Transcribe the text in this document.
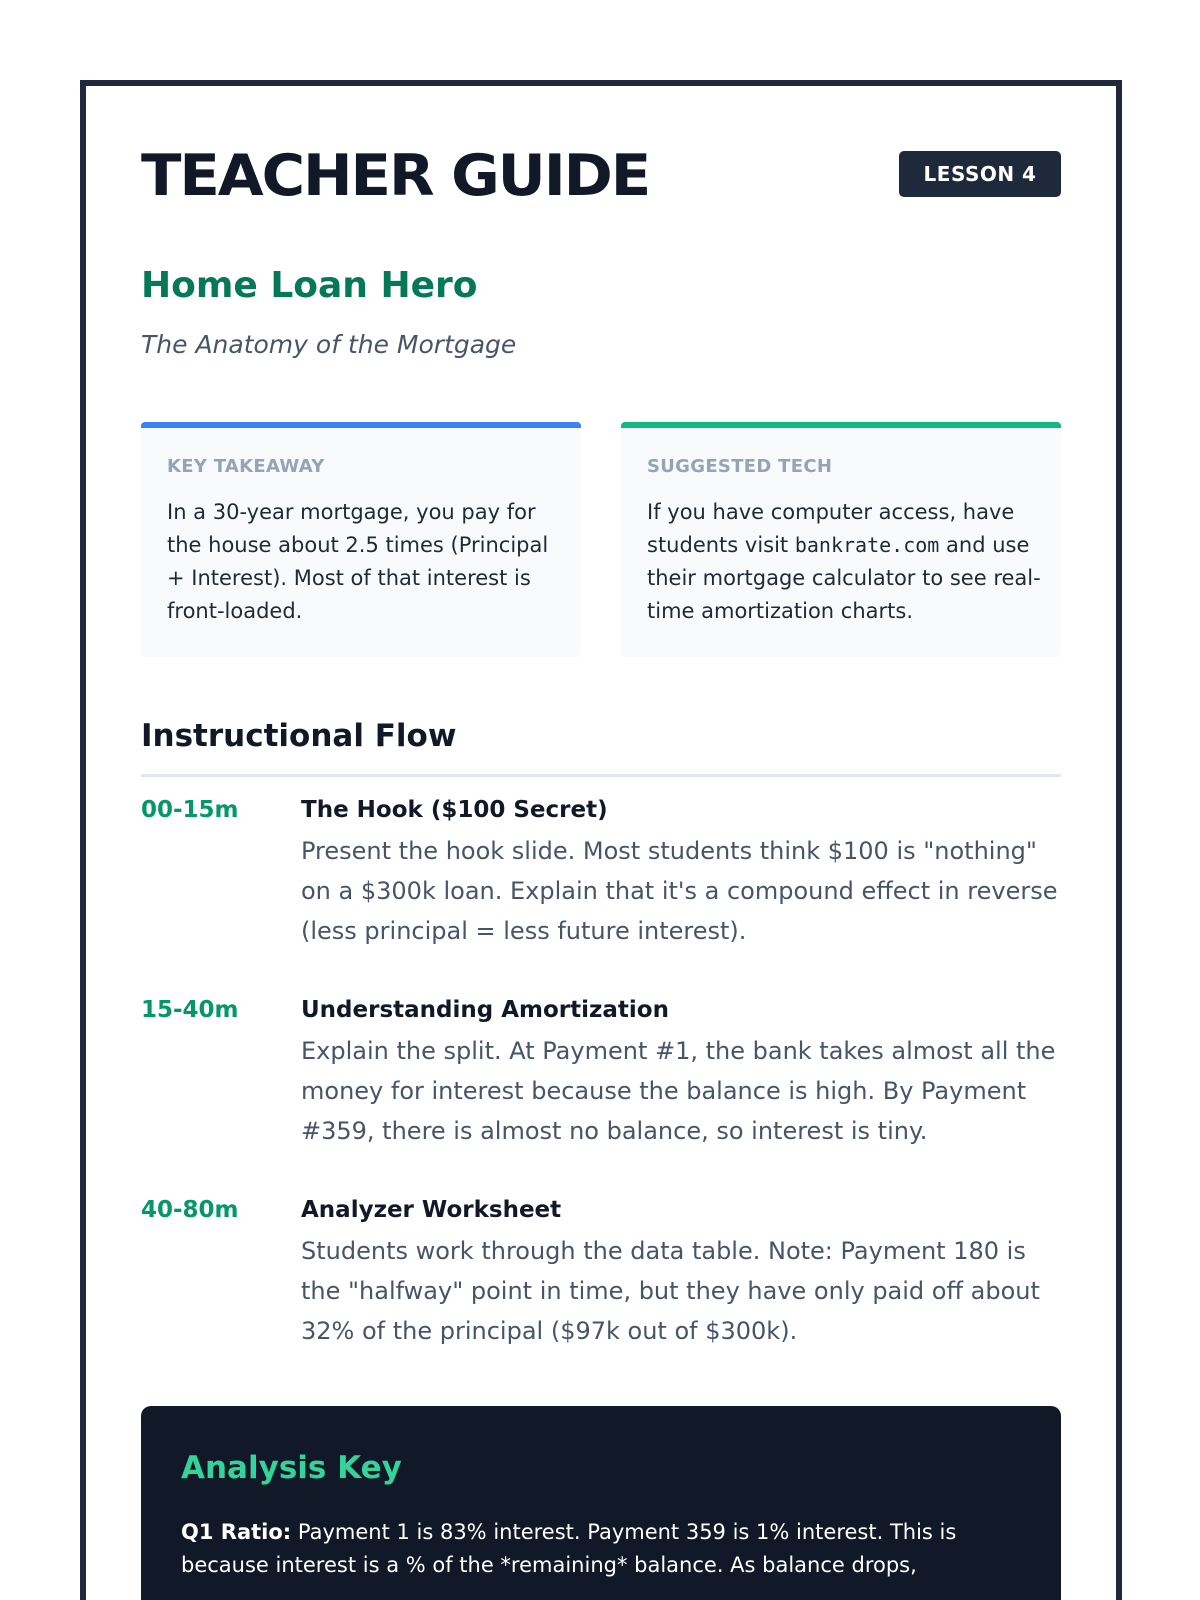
TEACHER GUIDE	LESSON 4
Home Loan Hero
The Anatomy of the Mortgage
KEY TAKEAWAY
In a 30-year mortgage, you pay for the house about 2.5 times (Principal + Interest). Most of that interest is front-loaded.
SUGGESTED TECH
If you have computer access, have students visit bankrate.com and use their mortgage calculator to see real-time amortization charts.
Instructional Flow
00-15m	The Hook ($100 Secret)
Present the hook slide. Most students think $100 is "nothing" on a $300k loan. Explain that it's a compound effect in reverse (less principal = less future interest).
15-40m	Understanding Amortization
Explain the split. At Payment #1, the bank takes almost all the money for interest because the balance is high. By Payment #359, there is almost no balance, so interest is tiny.
40-80m	Analyzer Worksheet
Students work through the data table. Note: Payment 180 is the "halfway" point in time, but they have only paid off about 32% of the principal ($97k out of $300k).
Analysis Key
Q1 Ratio: Payment 1 is 83% interest. Payment 359 is 1% interest. This is because interest is a % of the *remaining* balance. As balance drops,
